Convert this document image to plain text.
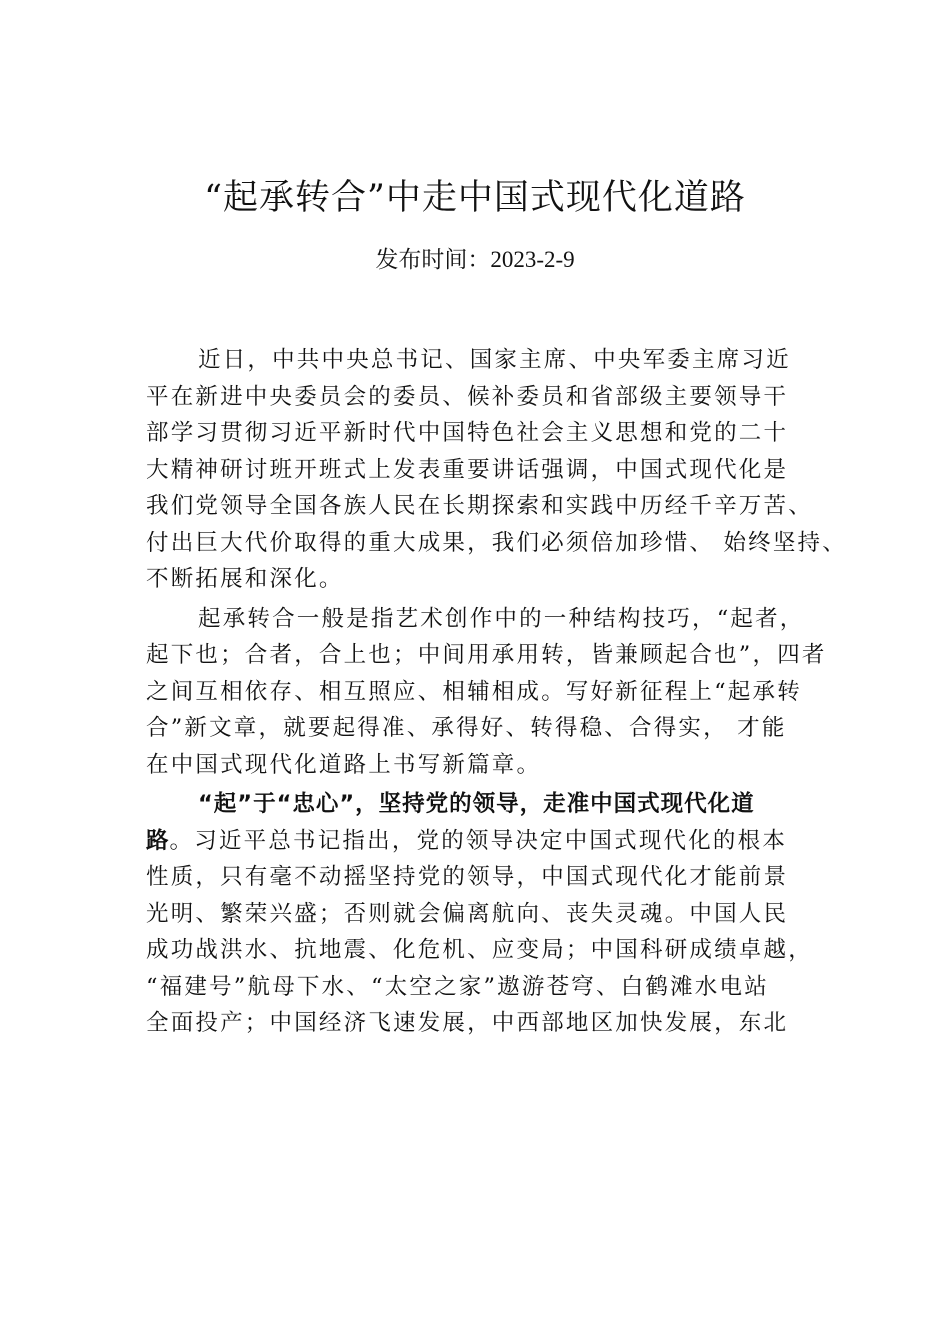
“起承转合”中走中国式现代化道路

发布时间：2023-2-9

近日，中共中央总书记、国家主席、中央军委主席习近
平在新进中央委员会的委员、候补委员和省部级主要领导干
部学习贯彻习近平新时代中国特色社会主义思想和党的二十
大精神研讨班开班式上发表重要讲话强调，中国式现代化是
我们党领导全国各族人民在长期探索和实践中历经千辛万苦、
付出巨大代价取得的重大成果，我们必须倍加珍惜、 始终坚持、
不断拓展和深化。
起承转合一般是指艺术创作中的一种结构技巧，“起者，
起下也；合者，合上也；中间用承用转，皆兼顾起合也”，四者
之间互相依存、相互照应、相辅相成。写好新征程上“起承转
合”新文章，就要起得准、承得好、转得稳、合得实， 才能
在中国式现代化道路上书写新篇章。
“起”于“忠心”，坚持党的领导，走准中国式现代化道
路。习近平总书记指出，党的领导决定中国式现代化的根本
性质，只有毫不动摇坚持党的领导，中国式现代化才能前景
光明、繁荣兴盛；否则就会偏离航向、丧失灵魂。中国人民
成功战洪水、抗地震、化危机、应变局；中国科研成绩卓越，
“福建号”航母下水、“太空之家”遨游苍穹、白鹤滩水电站
全面投产；中国经济飞速发展，中西部地区加快发展，东北
